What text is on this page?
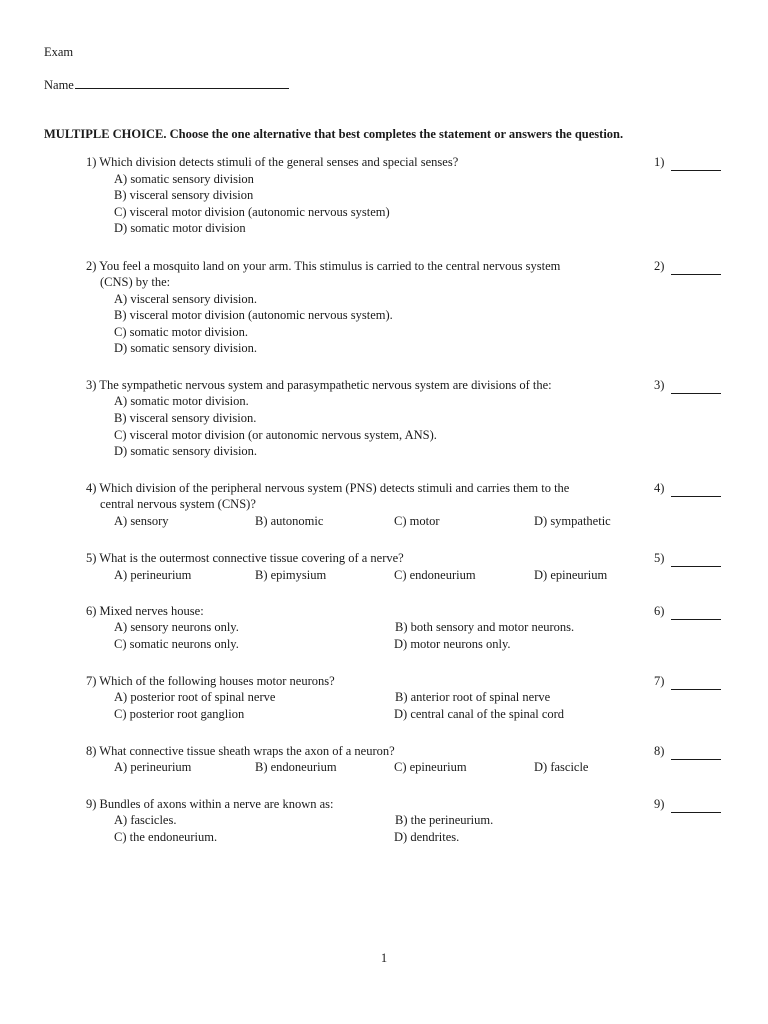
Exam
Name
MULTIPLE CHOICE. Choose the one alternative that best completes the statement or answers the question.
1) Which division detects stimuli of the general senses and special senses?	1)
A) somatic sensory division
B) visceral sensory division
C) visceral motor division (autonomic nervous system)
D) somatic motor division
2) You feel a mosquito land on your arm. This stimulus is carried to the central nervous system
(CNS) by the:
2)
A) visceral sensory division.
B) visceral motor division (autonomic nervous system).
C) somatic motor division.
D) somatic sensory division.
3) The sympathetic nervous system and parasympathetic nervous system are divisions of the:	3)
A) somatic motor division.
B) visceral sensory division.
C) visceral motor division (or autonomic nervous system, ANS).
D) somatic sensory division.
4) Which division of the peripheral nervous system (PNS) detects stimuli and carries them to the
central nervous system (CNS)?
4)
A) sensory	B) autonomic	C) motor	D) sympathetic
5) What is the outermost connective tissue covering of a nerve?	5)
A) perineurium	B) epimysium	C) endoneurium	D) epineurium
6) Mixed nerves house:	6)
A) sensory neurons only.	B) both sensory and motor neurons.
C) somatic neurons only.	D) motor neurons only.
7) Which of the following houses motor neurons?	7)
A) posterior root of spinal nerve	B) anterior root of spinal nerve
C) posterior root ganglion	D) central canal of the spinal cord
8) What connective tissue sheath wraps the axon of a neuron?	8)
A) perineurium	B) endoneurium	C) epineurium	D) fascicle
9) Bundles of axons within a nerve are known as:	9)
A) fascicles.	B) the perineurium.
C) the endoneurium.	D) dendrites.
1
